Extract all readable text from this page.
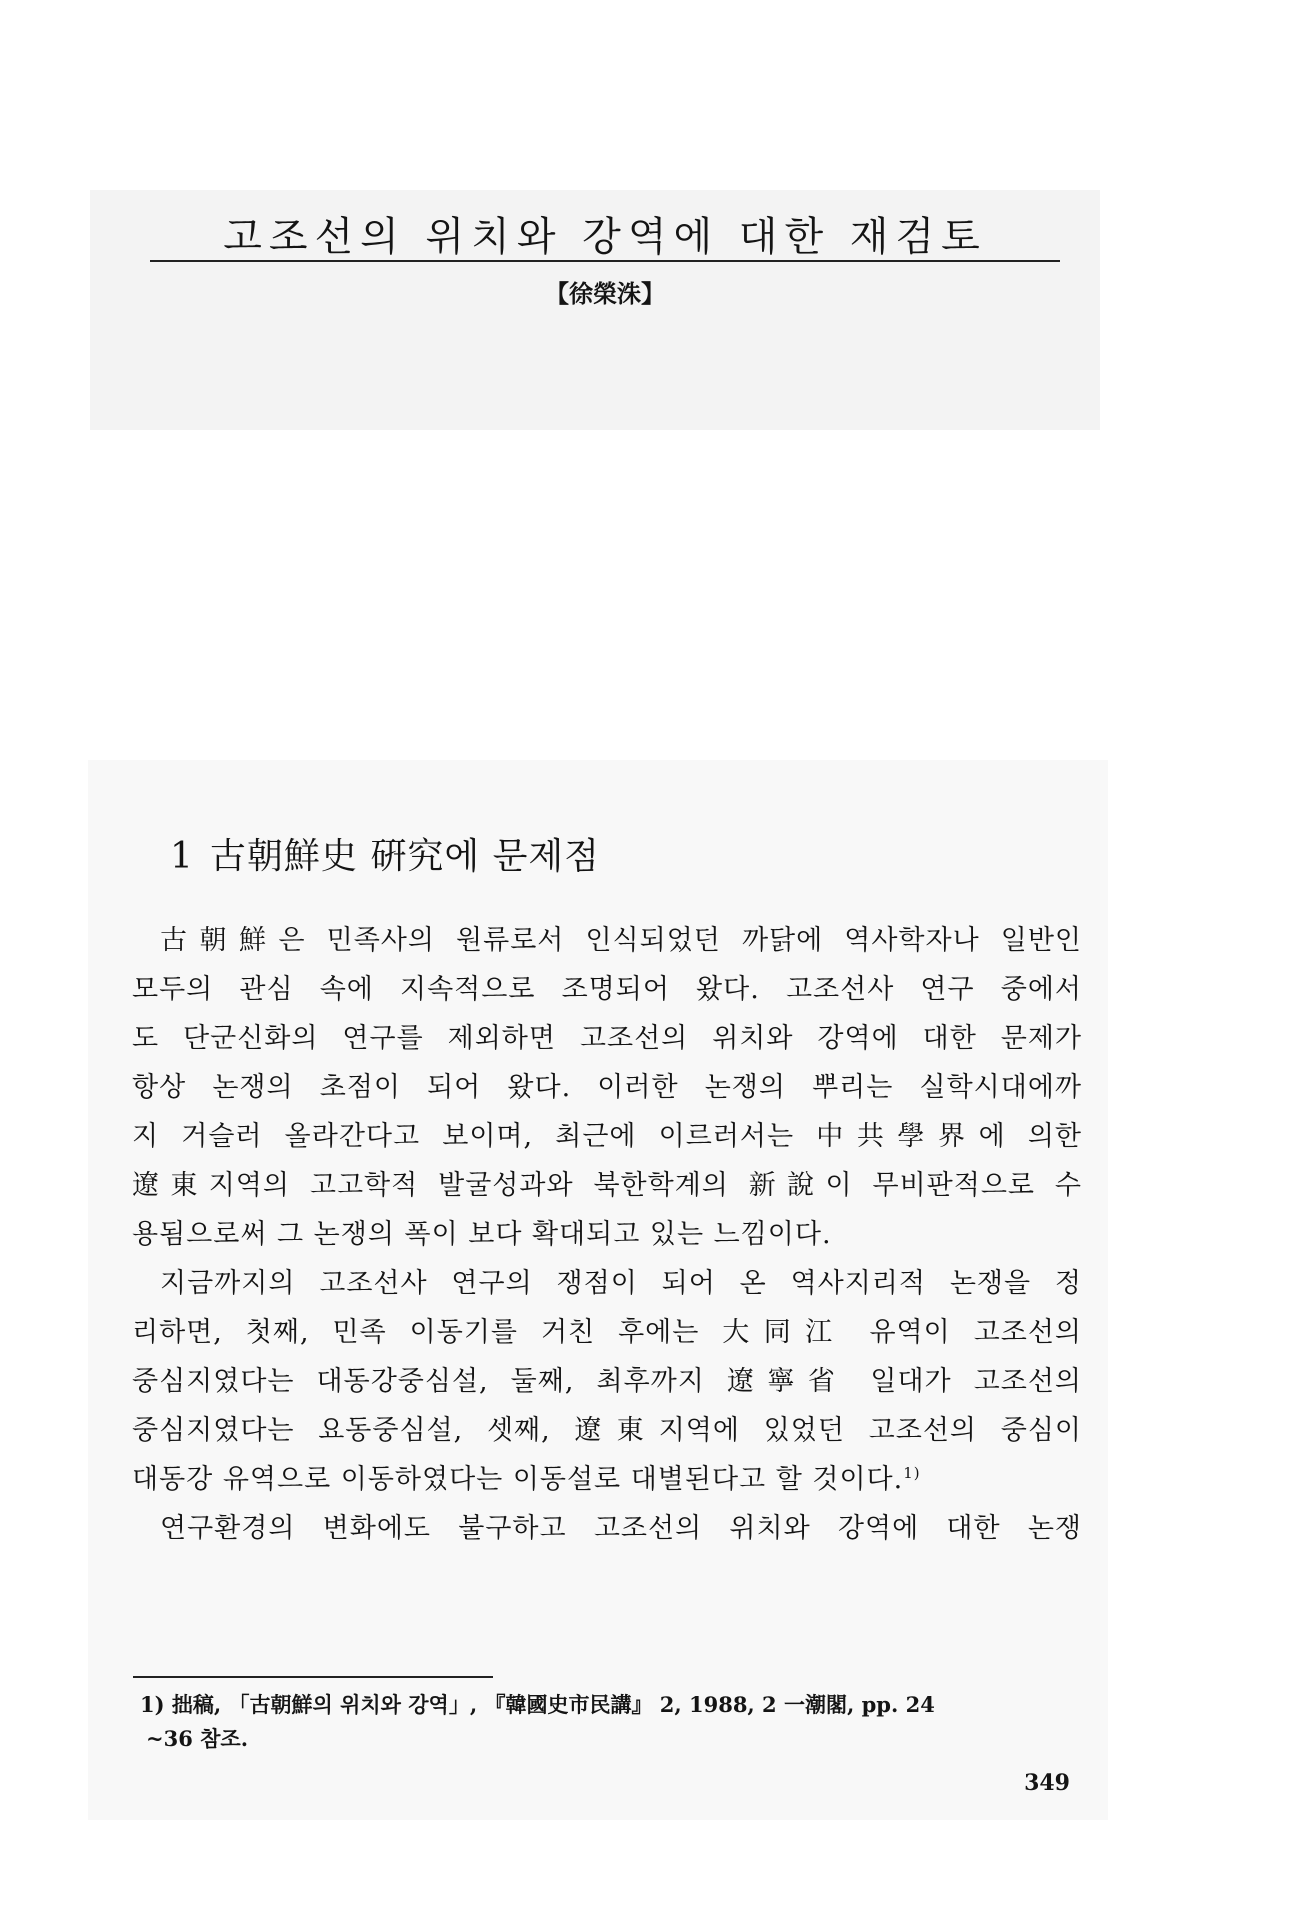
고조선의 위치와 강역에 대한 재검토
【徐榮洙】
1 古朝鮮史 硏究에 문제점
古朝鮮은 민족사의 원류로서 인식되었던 까닭에 역사학자나 일반인
모두의 관심 속에 지속적으로 조명되어 왔다. 고조선사 연구 중에서
도 단군신화의 연구를 제외하면 고조선의 위치와 강역에 대한 문제가
항상 논쟁의 초점이 되어 왔다. 이러한 논쟁의 뿌리는 실학시대에까
지 거슬러 올라간다고 보이며, 최근에 이르러서는 中共學界에 의한
遼東지역의 고고학적 발굴성과와 북한학계의 新說이 무비판적으로 수
용됨으로써 그 논쟁의 폭이 보다 확대되고 있는 느낌이다.
지금까지의 고조선사 연구의 쟁점이 되어 온 역사지리적 논쟁을 정
리하면, 첫째, 민족 이동기를 거친 후에는 大同江 유역이 고조선의
중심지였다는 대동강중심설, 둘째, 최후까지 遼寧省 일대가 고조선의
중심지였다는 요동중심설, 셋째, 遼東지역에 있었던 고조선의 중심이
대동강 유역으로 이동하였다는 이동설로 대별된다고 할 것이다.$^{1)}$
연구환경의 변화에도 불구하고 고조선의 위치와 강역에 대한 논쟁
1) 拙稿, 「古朝鮮의 위치와 강역」, 『韓國史市民講』 2, 1988, 2 一潮閣, pp. 24
~36 참조.
349
